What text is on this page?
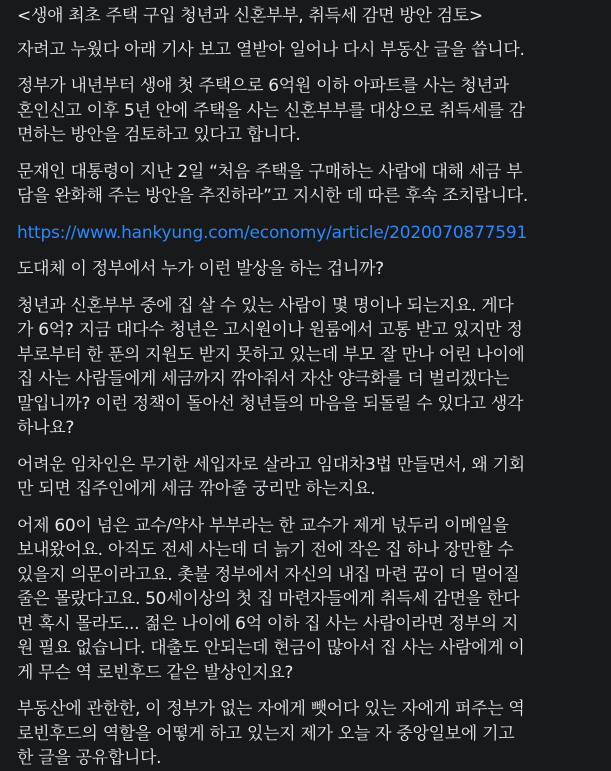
<생애 최초 주택 구입 청년과 신혼부부, 취득세 감면 방안 검토>

자려고 누웠다 아래 기사 보고 열받아 일어나 다시 부동산 글을 씁니다.

정부가 내년부터 생애 첫 주택으로 6억원 이하 아파트를 사는 청년과
혼인신고 이후 5년 안에 주택을 사는 신혼부부를 대상으로 취득세를 감
면하는 방안을 검토하고 있다고 합니다.

문재인 대통령이 지난 2일 “처음 주택을 구매하는 사람에 대해 세금 부
담을 완화해 주는 방안을 추진하라”고 지시한 데 따른 후속 조치랍니다.

https://www.hankyung.com/economy/article/2020070877591

도대체 이 정부에서 누가 이런 발상을 하는 겁니까?

청년과 신혼부부 중에 집 살 수 있는 사람이 몇 명이나 되는지요. 게다
가 6억? 지금 대다수 청년은 고시원이나 원룸에서 고통 받고 있지만 정
부로부터 한 푼의 지원도 받지 못하고 있는데 부모 잘 만나 어린 나이에
집 사는 사람들에게 세금까지 깎아줘서 자산 양극화를 더 벌리겠다는
말입니까? 이런 정책이 돌아선 청년들의 마음을 되돌릴 수 있다고 생각
하나요?

어려운 임차인은 무기한 세입자로 살라고 임대차3법 만들면서, 왜 기회
만 되면 집주인에게 세금 깎아줄 궁리만 하는지요.

어제 60이 넘은 교수/약사 부부라는 한 교수가 제게 넋두리 이메일을
보내왔어요. 아직도 전세 사는데 더 늙기 전에 작은 집 하나 장만할 수
있을지 의문이라고요. 촛불 정부에서 자신의 내집 마련 꿈이 더 멀어질
줄은 몰랐다고요. 50세이상의 첫 집 마련자들에게 취득세 감면을 한다
면 혹시 몰라도... 젊은 나이에 6억 이하 집 사는 사람이라면 정부의 지
원 필요 없습니다. 대출도 안되는데 현금이 많아서 집 사는 사람에게 이
게 무슨 역 로빈후드 같은 발상인지요?

부동산에 관한한, 이 정부가 없는 자에게 뺏어다 있는 자에게 퍼주는 역
로빈후드의 역할을 어떻게 하고 있는지 제가 오늘 자 중앙일보에 기고
한 글을 공유합니다.
